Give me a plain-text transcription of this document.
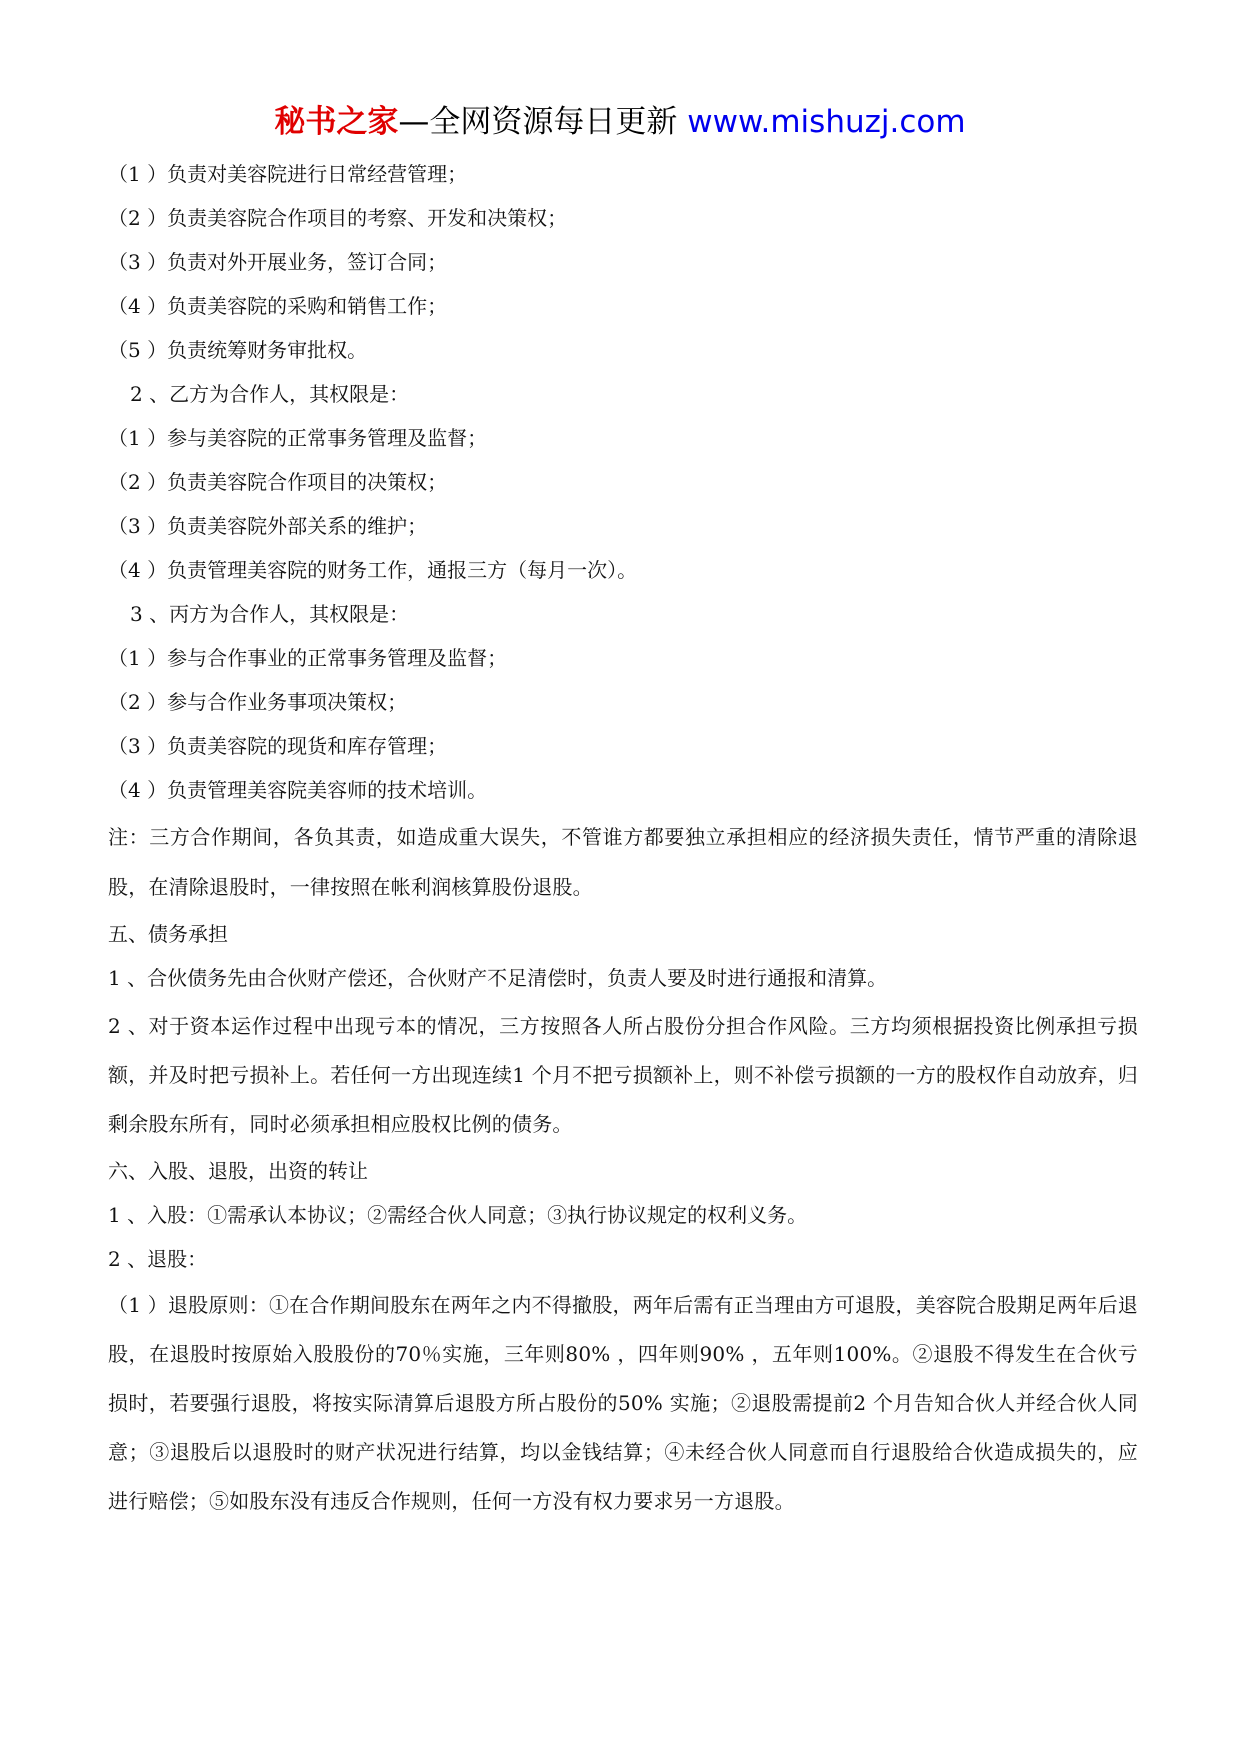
秘书之家—全网资源每日更新 www.mishuzj.com

（1 ）负责对美容院进行日常经营管理；

（2 ）负责美容院合作项目的考察、开发和决策权；

（3 ）负责对外开展业务，签订合同；

（4 ）负责美容院的采购和销售工作；

（5 ）负责统筹财务审批权。

2 、乙方为合作人，其权限是：

（1 ）参与美容院的正常事务管理及监督；

（2 ）负责美容院合作项目的决策权；

（3 ）负责美容院外部关系的维护；

（4 ）负责管理美容院的财务工作，通报三方（每月一次）。

3 、丙方为合作人，其权限是：

（1 ）参与合作事业的正常事务管理及监督；

（2 ）参与合作业务事项决策权；

（3 ）负责美容院的现货和库存管理；

（4 ）负责管理美容院美容师的技术培训。

注：三方合作期间，各负其责，如造成重大误失，不管谁方都要独立承担相应的经济损失责任，情节严重的清除退股，在清除退股时，一律按照在帐利润核算股份退股。

五、债务承担

1 、合伙债务先由合伙财产偿还，合伙财产不足清偿时，负责人要及时进行通报和清算。

2 、对于资本运作过程中出现亏本的情况，三方按照各人所占股份分担合作风险。三方均须根据投资比例承担亏损额，并及时把亏损补上。若任何一方出现连续1 个月不把亏损额补上，则不补偿亏损额的一方的股权作自动放弃，归剩余股东所有，同时必须承担相应股权比例的债务。

六、入股、退股，出资的转让

1 、入股：①需承认本协议；②需经合伙人同意；③执行协议规定的权利义务。

2 、退股：

（1 ）退股原则：①在合作期间股东在两年之内不得撤股，两年后需有正当理由方可退股，美容院合股期足两年后退股，在退股时按原始入股股份的70％实施，三年则80% ，四年则90% ，五年则100%。②退股不得发生在合伙亏损时，若要强行退股，将按实际清算后退股方所占股份的50% 实施；②退股需提前2 个月告知合伙人并经合伙人同意；③退股后以退股时的财产状况进行结算，均以金钱结算；④未经合伙人同意而自行退股给合伙造成损失的，应进行赔偿；⑤如股东没有违反合作规则，任何一方没有权力要求另一方退股。
